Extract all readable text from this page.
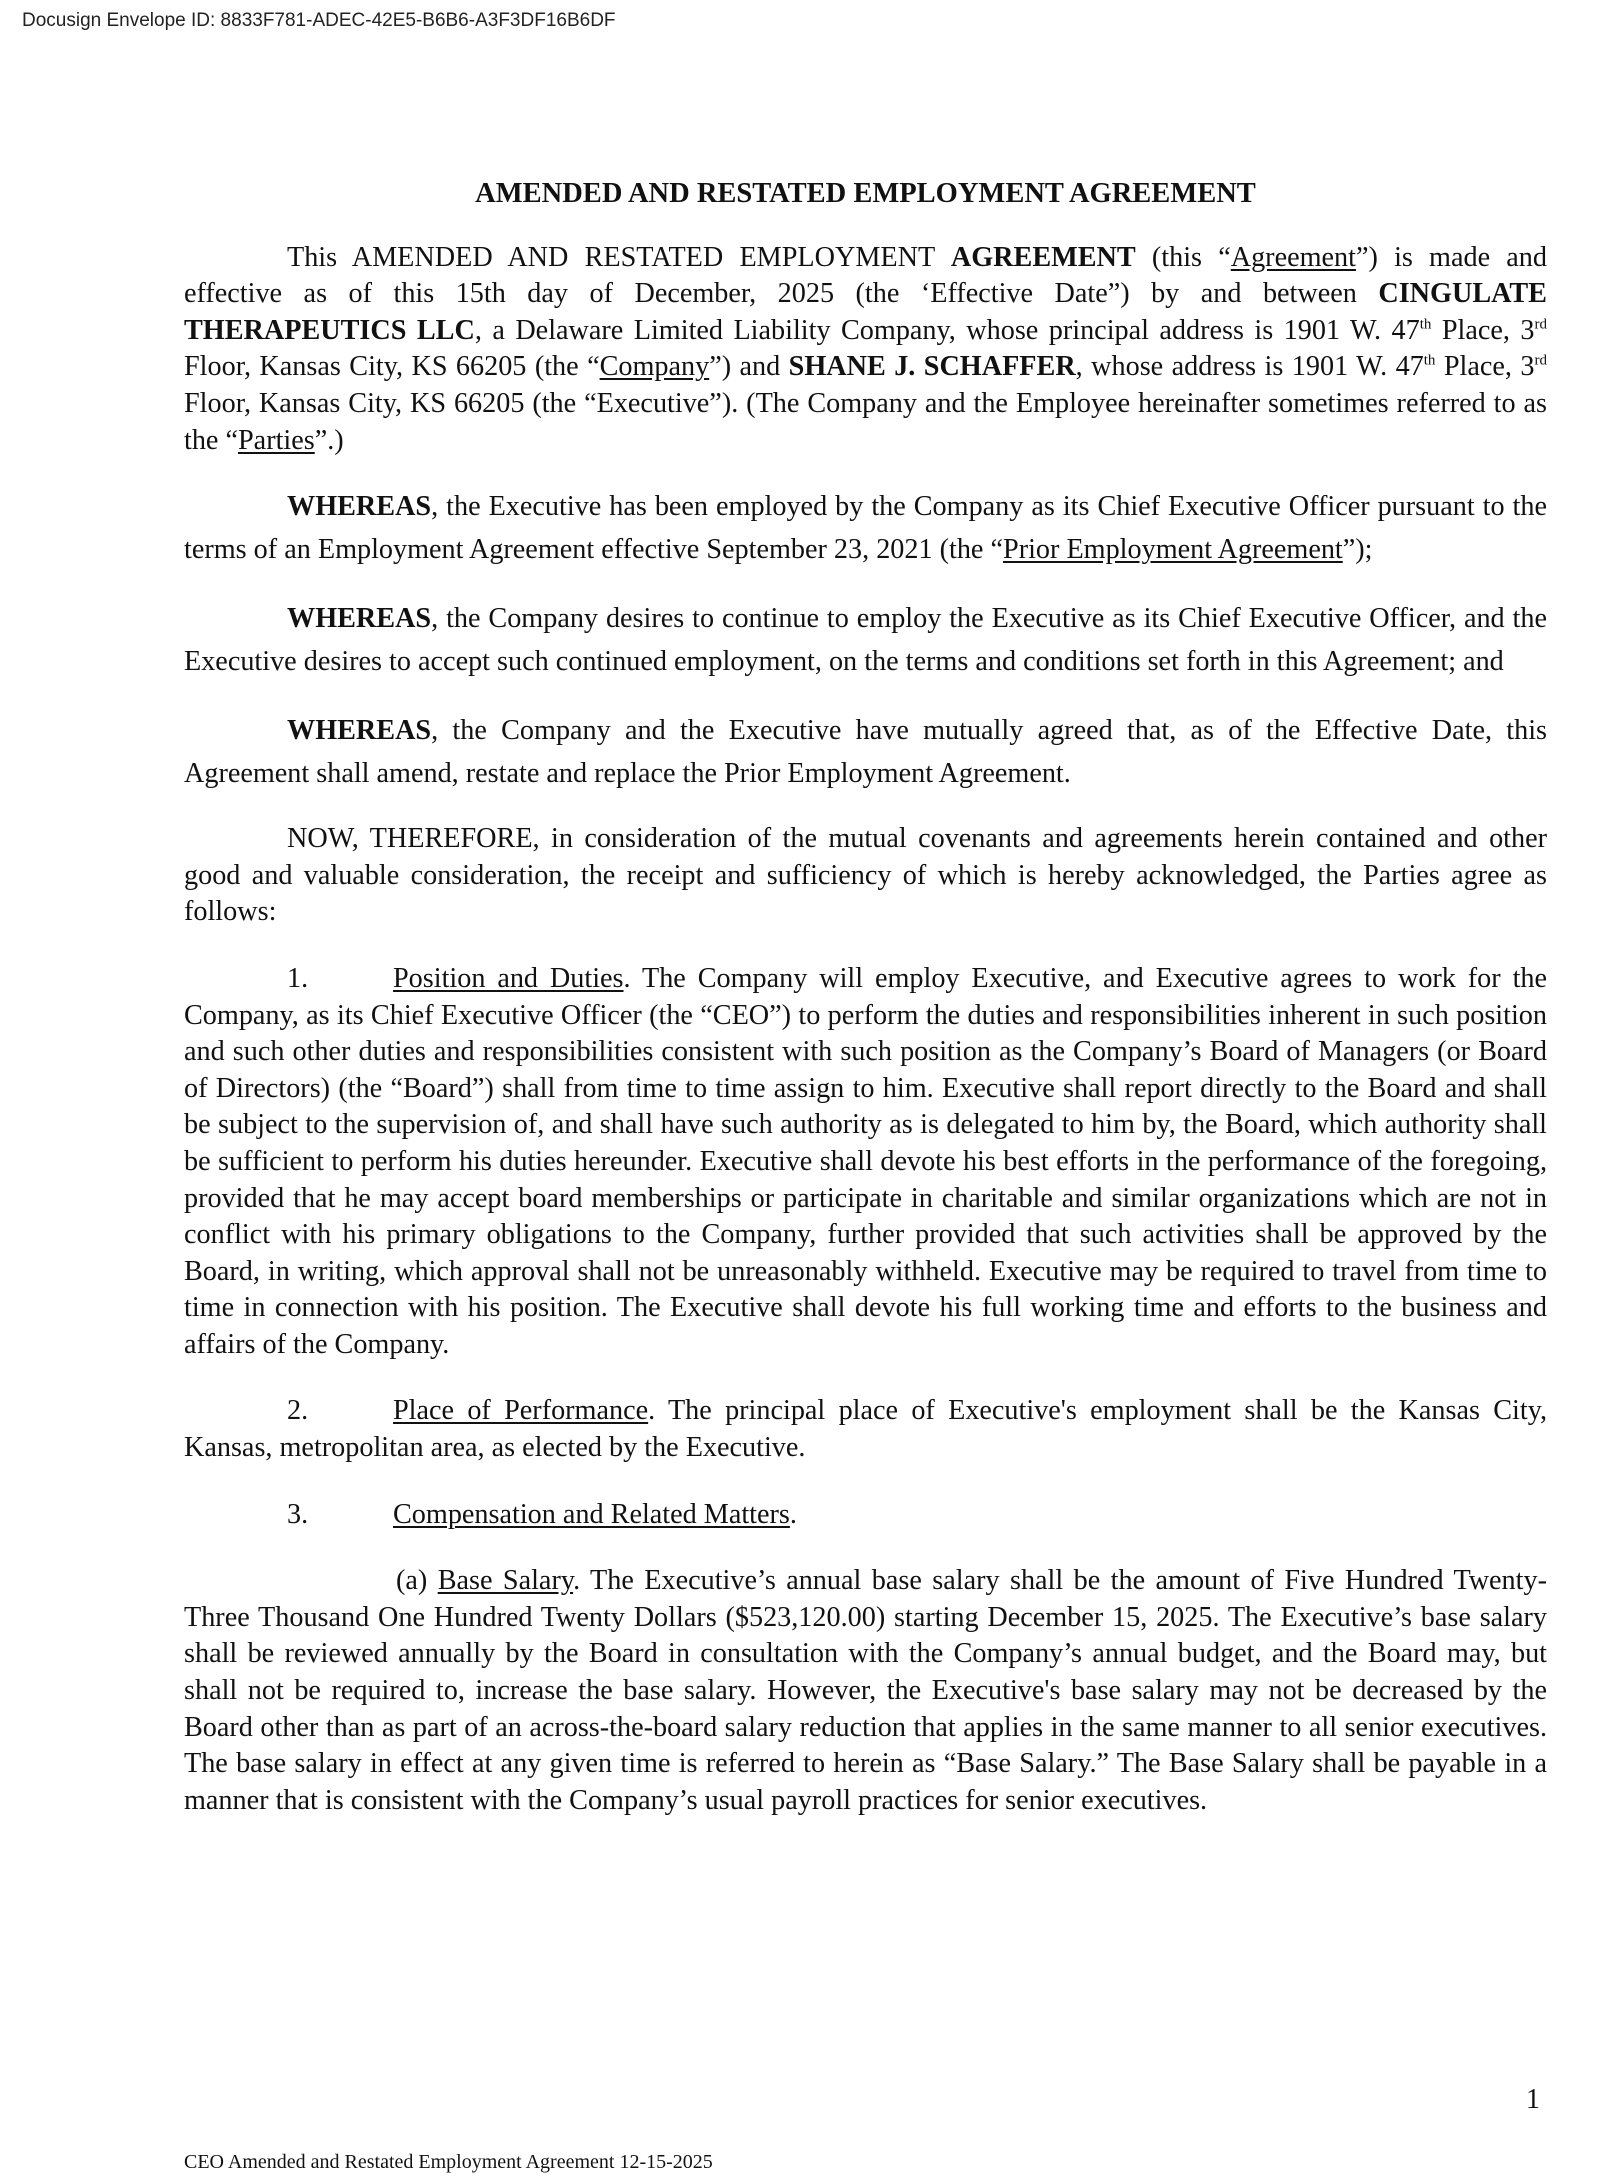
Docusign Envelope ID: 8833F781-ADEC-42E5-B6B6-A3F3DF16B6DF
AMENDED AND RESTATED EMPLOYMENT AGREEMENT

This AMENDED AND RESTATED EMPLOYMENT AGREEMENT (this “Agreement”) is made and effective as of this 15th day of December, 2025 (the ‘Effective Date”) by and between CINGULATE THERAPEUTICS LLC, a Delaware Limited Liability Company, whose principal address is 1901 W. 47th Place, 3rd Floor, Kansas City, KS 66205 (the “Company”) and SHANE J. SCHAFFER, whose address is 1901 W. 47th Place, 3rd Floor, Kansas City, KS 66205 (the “Executive”). (The Company and the Employee hereinafter sometimes referred to as the “Parties”.)

WHEREAS, the Executive has been employed by the Company as its Chief Executive Officer pursuant to the terms of an Employment Agreement effective September 23, 2021 (the “Prior Employment Agreement”);

WHEREAS, the Company desires to continue to employ the Executive as its Chief Executive Officer, and the Executive desires to accept such continued employment, on the terms and conditions set forth in this Agreement; and

WHEREAS, the Company and the Executive have mutually agreed that, as of the Effective Date, this Agreement shall amend, restate and replace the Prior Employment Agreement.

NOW, THEREFORE, in consideration of the mutual covenants and agreements herein contained and other good and valuable consideration, the receipt and sufficiency of which is hereby acknowledged, the Parties agree as follows:

1.	Position and Duties. The Company will employ Executive, and Executive agrees to work for the Company, as its Chief Executive Officer (the “CEO”) to perform the duties and responsibilities inherent in such position and such other duties and responsibilities consistent with such position as the Company’s Board of Managers (or Board of Directors) (the “Board”) shall from time to time assign to him. Executive shall report directly to the Board and shall be subject to the supervision of, and shall have such authority as is delegated to him by, the Board, which authority shall be sufficient to perform his duties hereunder. Executive shall devote his best efforts in the performance of the foregoing, provided that he may accept board memberships or participate in charitable and similar organizations which are not in conflict with his primary obligations to the Company, further provided that such activities shall be approved by the Board, in writing, which approval shall not be unreasonably withheld. Executive may be required to travel from time to time in connection with his position. The Executive shall devote his full working time and efforts to the business and affairs of the Company.

2.	Place of Performance. The principal place of Executive's employment shall be the Kansas City, Kansas, metropolitan area, as elected by the Executive.

3.	Compensation and Related Matters.

(a) Base Salary. The Executive’s annual base salary shall be the amount of Five Hundred Twenty-Three Thousand One Hundred Twenty Dollars ($523,120.00) starting December 15, 2025. The Executive’s base salary shall be reviewed annually by the Board in consultation with the Company’s annual budget, and the Board may, but shall not be required to, increase the base salary. However, the Executive's base salary may not be decreased by the Board other than as part of an across-the-board salary reduction that applies in the same manner to all senior executives. The base salary in effect at any given time is referred to herein as “Base Salary.” The Base Salary shall be payable in a manner that is consistent with the Company’s usual payroll practices for senior executives.

1
CEO Amended and Restated Employment Agreement 12-15-2025
